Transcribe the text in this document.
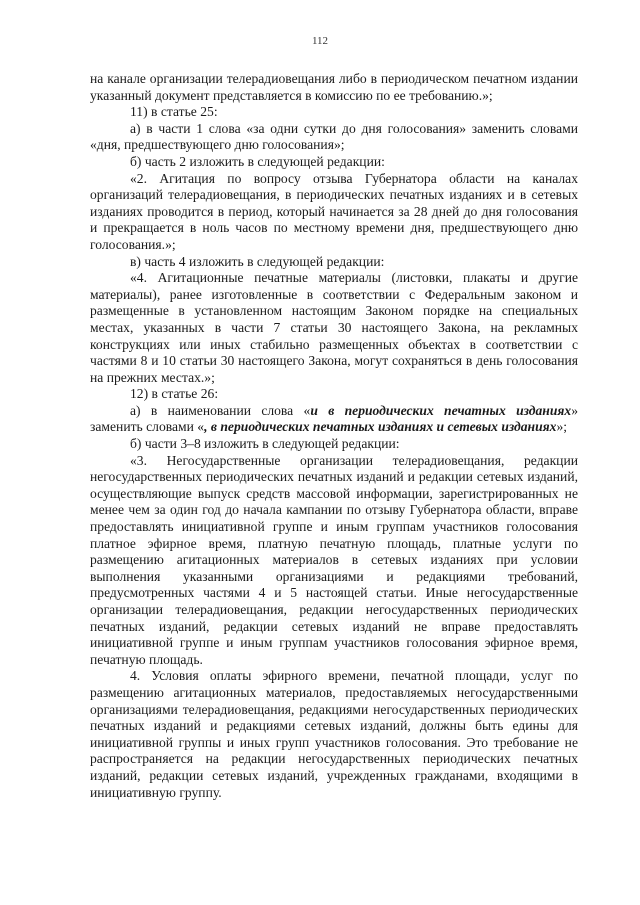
112

на канале организации телерадиовещания либо в периодическом печатном издании указанный документ представляется в комиссию по ее требованию.»;

11) в статье 25:

а) в части 1 слова «за одни сутки до дня голосования» заменить словами «дня, предшествующего дню голосования»;

б) часть 2 изложить в следующей редакции:

«2. Агитация по вопросу отзыва Губернатора области на каналах организаций телерадиовещания, в периодических печатных изданиях и в сетевых изданиях проводится в период, который начинается за 28 дней до дня голосования и прекращается в ноль часов по местному времени дня, предшествующего дню голосования.»;

в) часть 4 изложить в следующей редакции:

«4. Агитационные печатные материалы (листовки, плакаты и другие материалы), ранее изготовленные в соответствии с Федеральным законом и размещенные в установленном настоящим Законом порядке на специальных местах, указанных в части 7 статьи 30 настоящего Закона, на рекламных конструкциях или иных стабильно размещенных объектах в соответствии с частями 8 и 10 статьи 30 настоящего Закона, могут сохраняться в день голосования на прежних местах.»;

12) в статье 26:

а) в наименовании слова «и в периодических печатных изданиях» заменить словами «, в периодических печатных изданиях и сетевых изданиях»;

б) части 3–8 изложить в следующей редакции:

«3. Негосударственные организации телерадиовещания, редакции негосударственных периодических печатных изданий и редакции сетевых изданий, осуществляющие выпуск средств массовой информации, зарегистрированных не менее чем за один год до начала кампании по отзыву Губернатора области, вправе предоставлять инициативной группе и иным группам участников голосования платное эфирное время, платную печатную площадь, платные услуги по размещению агитационных материалов в сетевых изданиях при условии выполнения указанными организациями и редакциями требований, предусмотренных частями 4 и 5 настоящей статьи. Иные негосударственные организации телерадиовещания, редакции негосударственных периодических печатных изданий, редакции сетевых изданий не вправе предоставлять инициативной группе и иным группам участников голосования эфирное время, печатную площадь.

4. Условия оплаты эфирного времени, печатной площади, услуг по размещению агитационных материалов, предоставляемых негосударственными организациями телерадиовещания, редакциями негосударственных периодических печатных изданий и редакциями сетевых изданий, должны быть едины для инициативной группы и иных групп участников голосования. Это требование не распространяется на редакции негосударственных периодических печатных изданий, редакции сетевых изданий, учрежденных гражданами, входящими в инициативную группу.
